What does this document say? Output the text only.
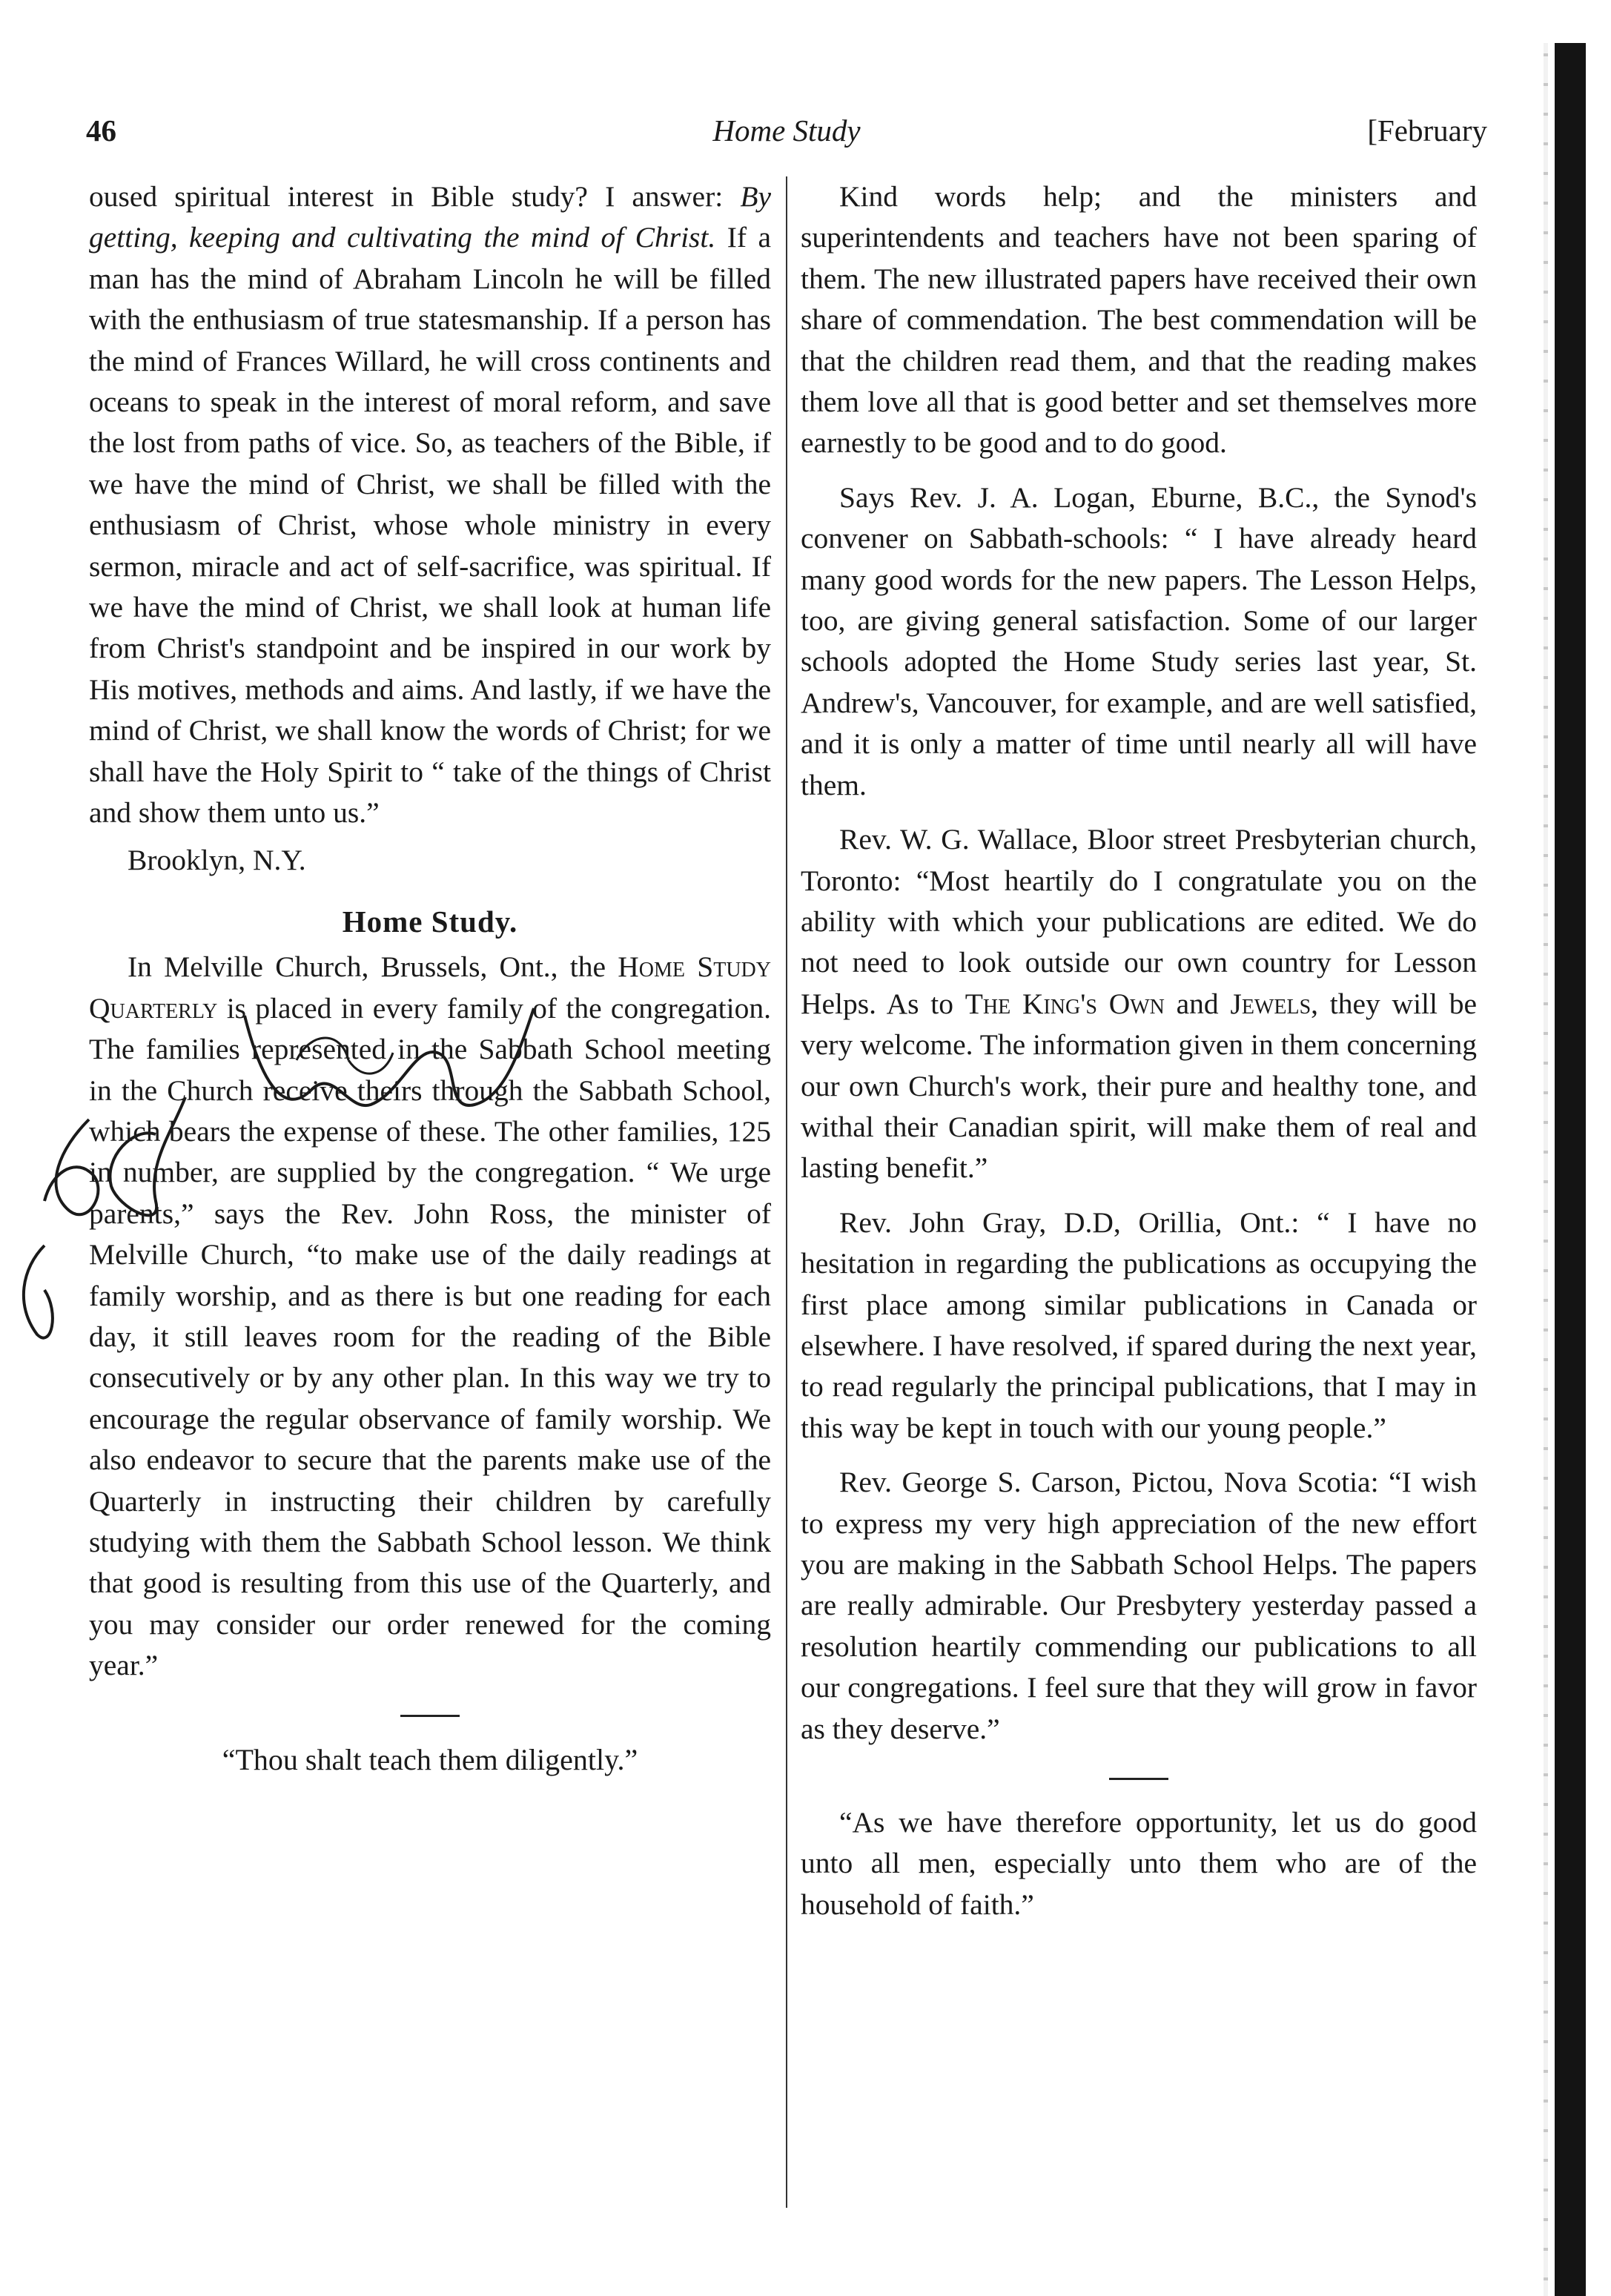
46	Home Study	[February

oused spiritual interest in Bible study? I answer: By getting, keeping and cultivating the mind of Christ. If a man has the mind of Abraham Lincoln he will be filled with the enthusiasm of true statesmanship. If a person has the mind of Frances Willard, he will cross continents and oceans to speak in the interest of moral reform, and save the lost from paths of vice. So, as teachers of the Bible, if we have the mind of Christ, we shall be filled with the enthusiasm of Christ, whose whole ministry in every sermon, miracle and act of self-sacrifice, was spiritual. If we have the mind of Christ, we shall look at human life from Christ's standpoint and be inspired in our work by His motives, methods and aims. And lastly, if we have the mind of Christ, we shall know the words of Christ; for we shall have the Holy Spirit to “ take of the things of Christ and show them unto us.”

Brooklyn, N.Y.

Home Study.

In Melville Church, Brussels, Ont., the Home Study Quarterly is placed in every family of the congregation. The families represented in the Sabbath School meeting in the Church receive theirs through the Sabbath School, which bears the expense of these. The other families, 125 in number, are supplied by the congregation. “ We urge parents,” says the Rev. John Ross, the minister of Melville Church, “to make use of the daily readings at family worship, and as there is but one reading for each day, it still leaves room for the reading of the Bible consecutively or by any other plan. In this way we try to encourage the regular observance of family worship. We also endeavor to secure that the parents make use of the Quarterly in instructing their children by carefully studying with them the Sabbath School lesson. We think that good is resulting from this use of the Quarterly, and you may consider our order renewed for the coming year.”

“Thou shalt teach them diligently.”

Kind words help; and the ministers and superintendents and teachers have not been sparing of them. The new illustrated papers have received their own share of commendation. The best commendation will be that the children read them, and that the reading makes them love all that is good better and set themselves more earnestly to be good and to do good.

Says Rev. J. A. Logan, Eburne, B.C., the Synod's convener on Sabbath-schools: “ I have already heard many good words for the new papers. The Lesson Helps, too, are giving general satisfaction. Some of our larger schools adopted the Home Study series last year, St. Andrew's, Vancouver, for example, and are well satisfied, and it is only a matter of time until nearly all will have them.

Rev. W. G. Wallace, Bloor street Presbyterian church, Toronto: “Most heartily do I congratulate you on the ability with which your publications are edited. We do not need to look outside our own country for Lesson Helps. As to The King's Own and Jewels, they will be very welcome. The information given in them concerning our own Church's work, their pure and healthy tone, and withal their Canadian spirit, will make them of real and lasting benefit.”

Rev. John Gray, D.D, Orillia, Ont.: “ I have no hesitation in regarding the publications as occupying the first place among similar publications in Canada or elsewhere. I have resolved, if spared during the next year, to read regularly the principal publications, that I may in this way be kept in touch with our young people.”

Rev. George S. Carson, Pictou, Nova Scotia: “I wish to express my very high appreciation of the new effort you are making in the Sabbath School Helps. The papers are really admirable. Our Presbytery yesterday passed a resolution heartily commending our publications to all our congregations. I feel sure that they will grow in favor as they deserve.”

“As we have therefore opportunity, let us do good unto all men, especially unto them who are of the household of faith.”
